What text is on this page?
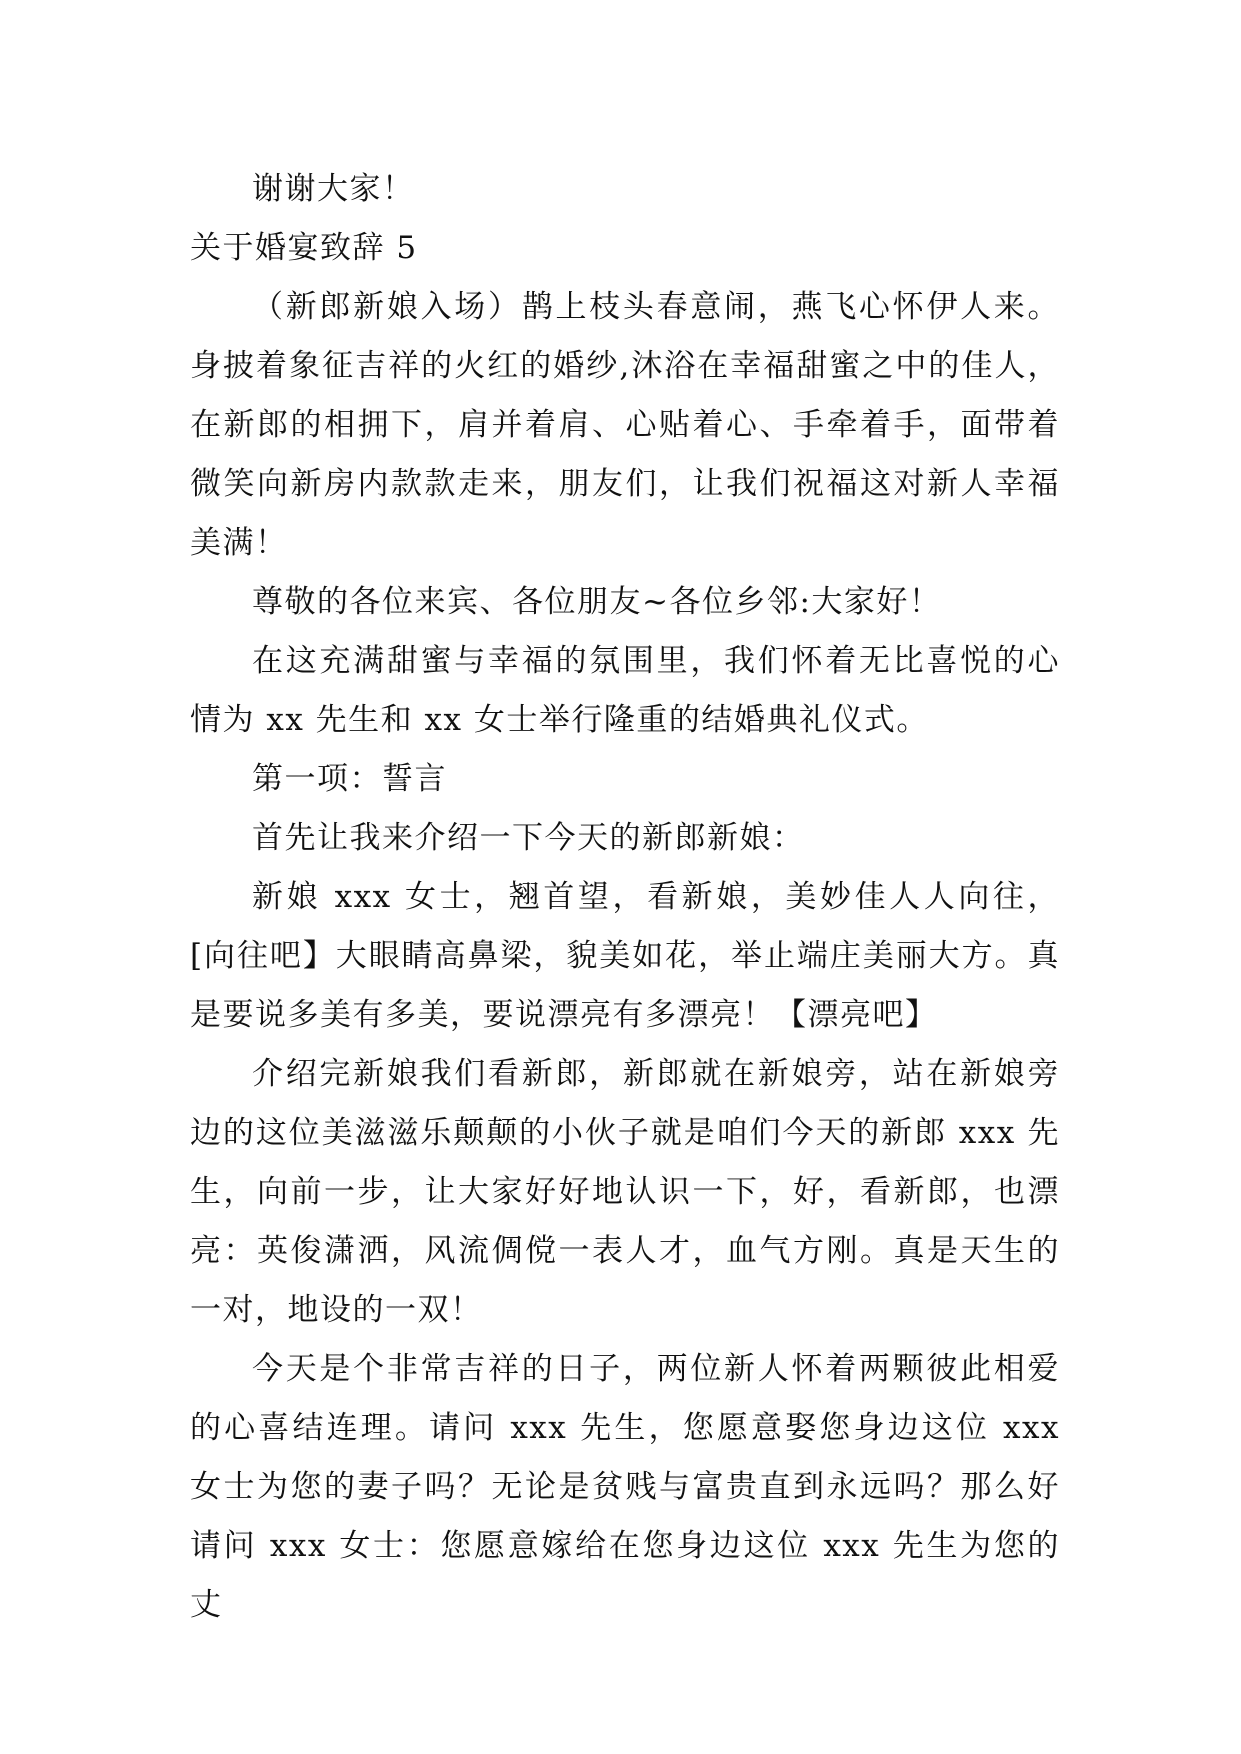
谢谢大家！

关于婚宴致辞 5

（新郎新娘入场）鹊上枝头春意闹，燕飞心怀伊人来。身披着象征吉祥的火红的婚纱,沐浴在幸福甜蜜之中的佳人，在新郎的相拥下，肩并着肩、心贴着心、手牵着手，面带着微笑向新房内款款走来，朋友们，让我们祝福这对新人幸福美满！

尊敬的各位来宾、各位朋友~各位乡邻:大家好！

在这充满甜蜜与幸福的氛围里，我们怀着无比喜悦的心情为 xx 先生和 xx 女士举行隆重的结婚典礼仪式。

第一项：誓言

首先让我来介绍一下今天的新郎新娘：

新娘 xxx 女士，翘首望，看新娘，美妙佳人人向往，[向往吧】大眼睛高鼻梁，貌美如花，举止端庄美丽大方。真是要说多美有多美，要说漂亮有多漂亮！【漂亮吧】

介绍完新娘我们看新郎，新郎就在新娘旁，站在新娘旁边的这位美滋滋乐颠颠的小伙子就是咱们今天的新郎 xxx 先生，向前一步，让大家好好地认识一下，好，看新郎，也漂亮：英俊潇洒，风流倜傥一表人才，血气方刚。真是天生的一对，地设的一双！

今天是个非常吉祥的日子，两位新人怀着两颗彼此相爱的心喜结连理。请问 xxx 先生，您愿意娶您身边这位 xxx 女士为您的妻子吗？无论是贫贱与富贵直到永远吗？那么好请问 xxx 女士：您愿意嫁给在您身边这位 xxx 先生为您的丈
